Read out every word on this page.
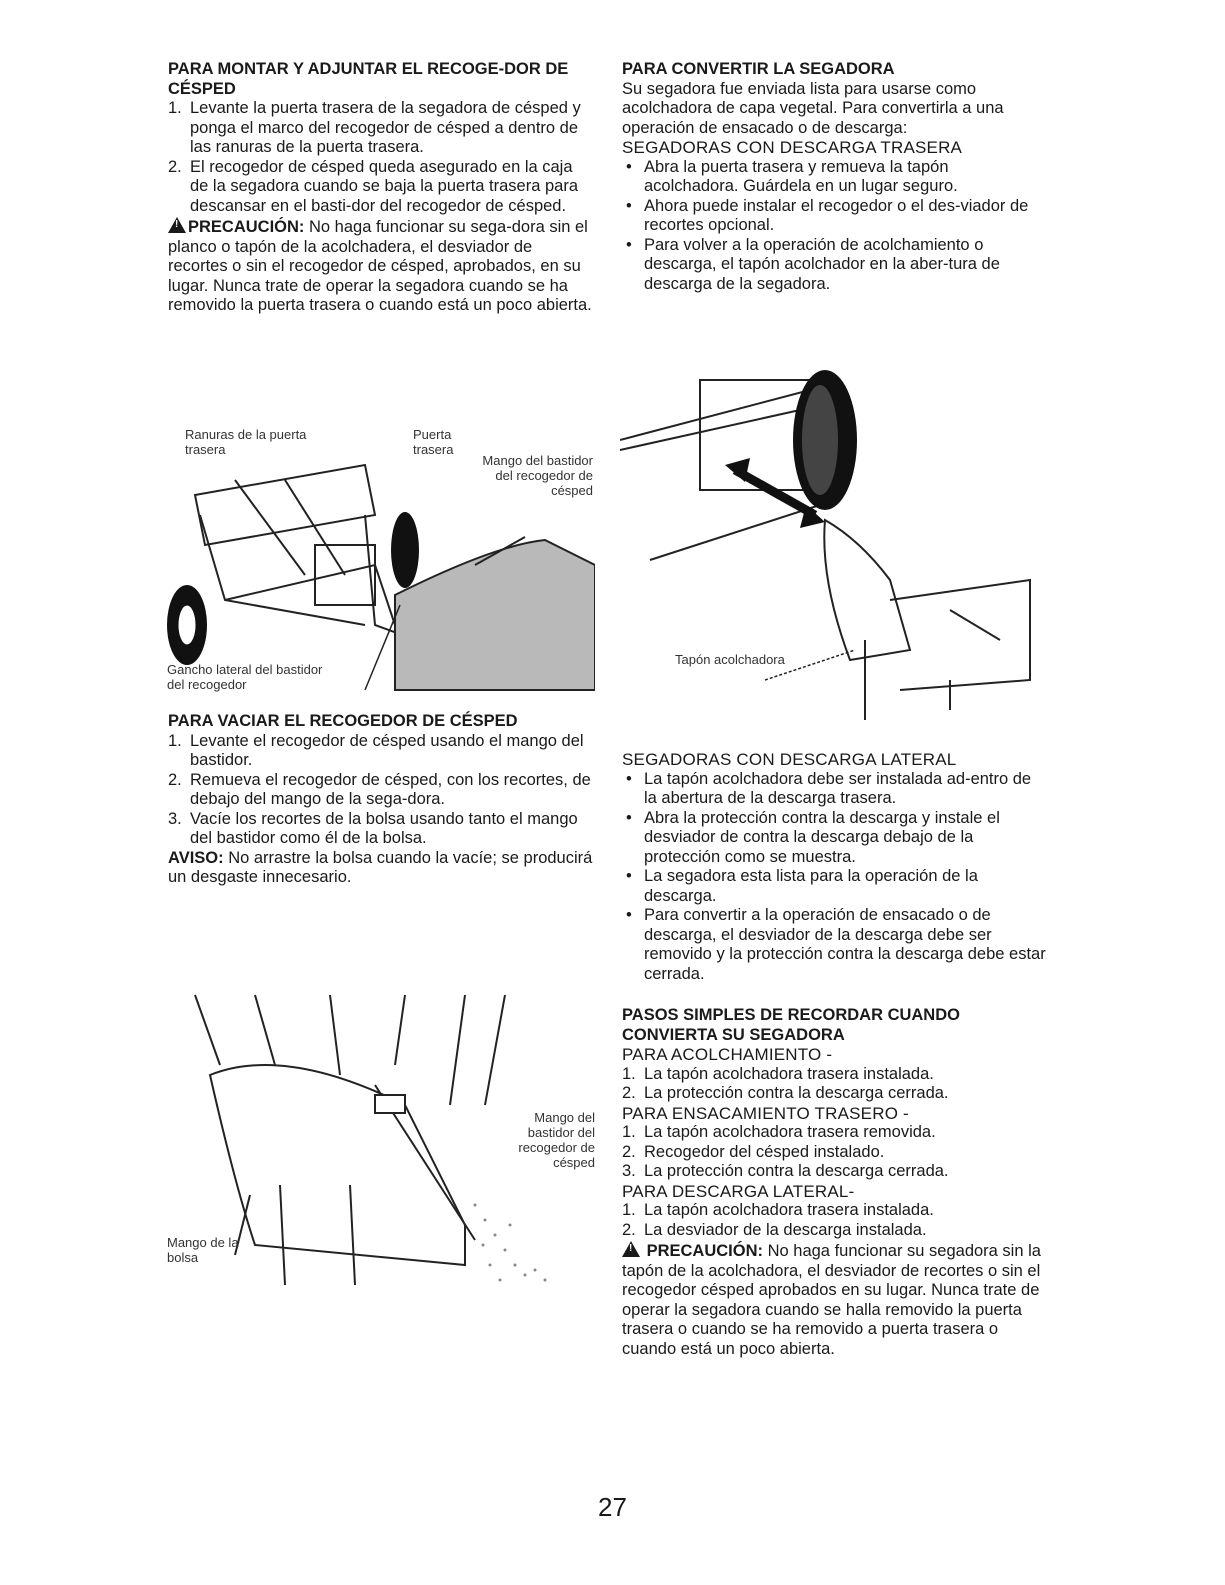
PARA MONTAR Y ADJUNTAR EL RECOGE-DOR DE CÉSPED

1. Levante la puerta trasera de la segadora de césped y ponga el marco del recogedor de césped a dentro de las ranuras de la puerta trasera.
2. El recogedor de césped queda asegurado en la caja de la segadora cuando se baja la puerta trasera para descansar en el basti-dor del recogedor de césped.

!PRECAUCIÓN: No haga funcionar su sega-dora sin el planco o tapón de la acolchadera, el desviador de recortes o sin el recogedor de césped, aprobados, en su lugar. Nunca trate de operar la segadora cuando se ha removido la puerta trasera o cuando está un poco abierta.

Ranuras de la puerta trasera
Puerta trasera
Mango del bastidor del recogedor de césped
Gancho lateral del bastidor del recogedor

PARA VACIAR EL RECOGEDOR DE CÉSPED

1. Levante el recogedor de césped usando el mango del bastidor.
2. Remueva el recogedor de césped, con los recortes, de debajo del mango de la sega-dora.
3. Vacíe los recortes de la bolsa usando tanto el mango del bastidor como él de la bolsa.

AVISO: No arrastre la bolsa cuando la vacíe; se producirá un desgaste innecesario.

Mango del bastidor del recogedor de césped
Mango de la bolsa

PARA CONVERTIR LA SEGADORA

Su segadora fue enviada lista para usarse como acolchadora de capa vegetal. Para convertirla a una operación de ensacado o de descarga:

SEGADORAS CON DESCARGA TRASERA

• Abra la puerta trasera y remueva la tapón acolchadora. Guárdela en un lugar seguro.
• Ahora puede instalar el recogedor o el des-viador de recortes opcional.
• Para volver a la operación de acolchamiento o descarga, el tapón acolchador en la aber-tura de descarga de la segadora.
Tapón acolchadora

SEGADORAS CON DESCARGA LATERAL

• La tapón acolchadora debe ser instalada ad-entro de la abertura de la descarga trasera.
• Abra la protección contra la descarga y instale el desviador de contra la descarga debajo de la protección como se muestra.
• La segadora esta lista para la operación de la descarga.
• Para convertir a la operación de ensacado o de descarga, el desviador de la descarga debe ser removido y la protección contra la descarga debe estar cerrada.

PASOS SIMPLES DE RECORDAR CUANDO CONVIERTA SU SEGADORA

PARA ACOLCHAMIENTO -

1. La tapón acolchadora trasera instalada.
2. La protección contra la descarga cerrada.

PARA ENSACAMIENTO TRASERO -

1. La tapón acolchadora trasera removida.
2. Recogedor del césped instalado.
3. La protección contra la descarga cerrada.

PARA DESCARGA LATERAL-

1. La tapón acolchadora trasera instalada.
2. La desviador de la descarga instalada.

! PRECAUCIÓN: No haga funcionar su segadora sin la tapón de la acolchadora, el desviador de recortes o sin el recogedor césped aprobados en su lugar. Nunca trate de operar la segadora cuando se halla removido la puerta trasera o cuando se ha removido a puerta trasera o cuando está un poco abierta.

27
